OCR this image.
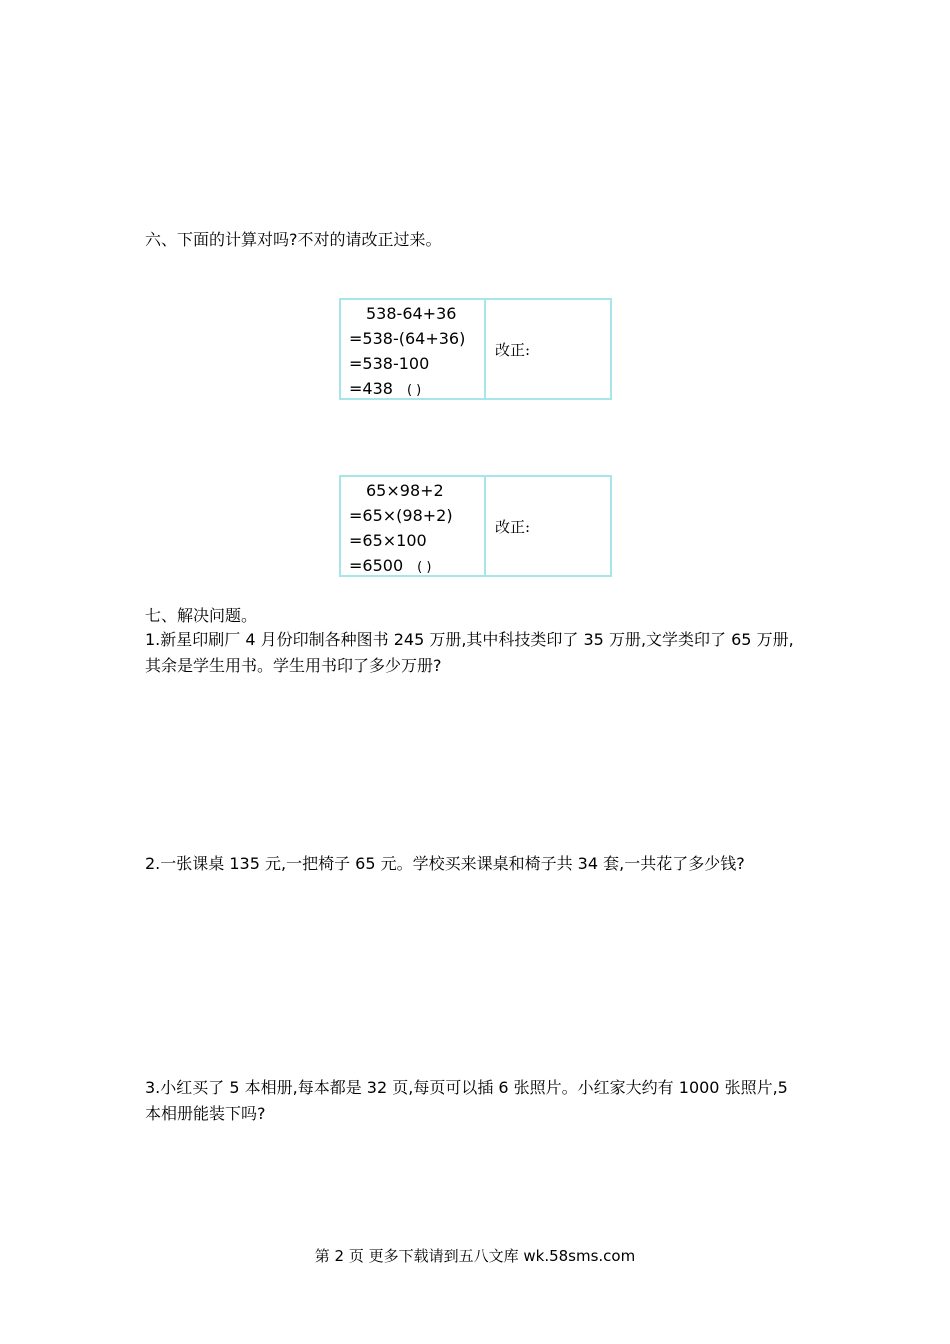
六、下面的计算对吗?不对的请改正过来。
538-64+36
=538-(64+36)
=538-100
=438 ( )
改正:
65×98+2
=65×(98+2)
=65×100
=6500 ( )
改正:
七、解决问题。
1.新星印刷厂 4 月份印制各种图书 245 万册,其中科技类印了 35 万册,文学类印了 65 万册,
其余是学生用书。学生用书印了多少万册?
2.一张课桌 135 元,一把椅子 65 元。学校买来课桌和椅子共 34 套,一共花了多少钱?
3.小红买了 5 本相册,每本都是 32 页,每页可以插 6 张照片。小红家大约有 1000 张照片,5
本相册能装下吗?
第 2 页 更多下载请到五八文库 wk.58sms.com
